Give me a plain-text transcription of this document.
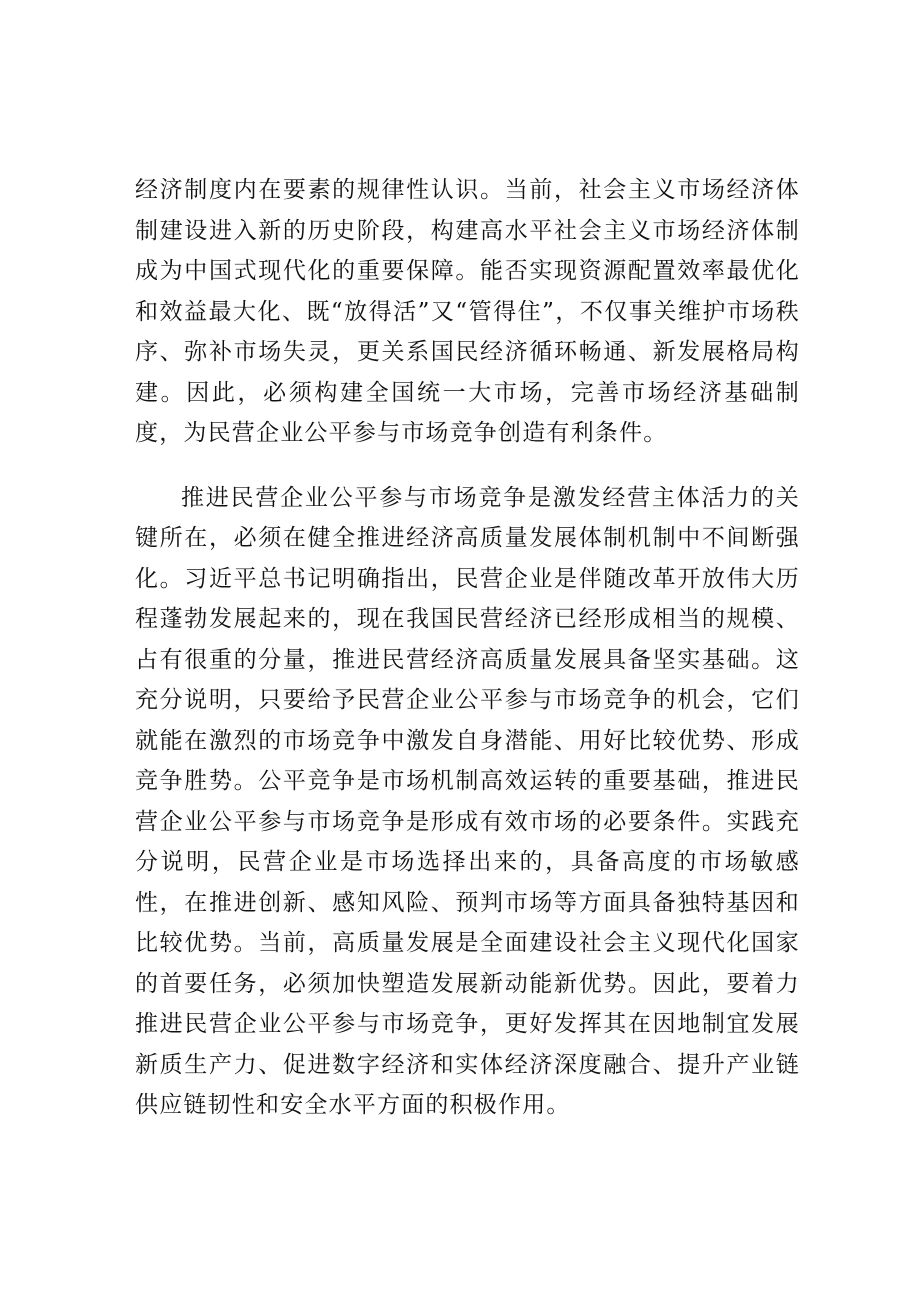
经济制度内在要素的规律性认识。当前，社会主义市场经济体制建设进入新的历史阶段，构建高水平社会主义市场经济体制成为中国式现代化的重要保障。能否实现资源配置效率最优化和效益最大化、既“放得活”又“管得住”，不仅事关维护市场秩序、弥补市场失灵，更关系国民经济循环畅通、新发展格局构建。因此，必须构建全国统一大市场，完善市场经济基础制度，为民营企业公平参与市场竞争创造有利条件。

推进民营企业公平参与市场竞争是激发经营主体活力的关键所在，必须在健全推进经济高质量发展体制机制中不间断强化。习近平总书记明确指出，民营企业是伴随改革开放伟大历程蓬勃发展起来的，现在我国民营经济已经形成相当的规模、占有很重的分量，推进民营经济高质量发展具备坚实基础。这充分说明，只要给予民营企业公平参与市场竞争的机会，它们就能在激烈的市场竞争中激发自身潜能、用好比较优势、形成竞争胜势。公平竞争是市场机制高效运转的重要基础，推进民营企业公平参与市场竞争是形成有效市场的必要条件。实践充分说明，民营企业是市场选择出来的，具备高度的市场敏感性，在推进创新、感知风险、预判市场等方面具备独特基因和比较优势。当前，高质量发展是全面建设社会主义现代化国家的首要任务，必须加快塑造发展新动能新优势。因此，要着力推进民营企业公平参与市场竞争，更好发挥其在因地制宜发展新质生产力、促进数字经济和实体经济深度融合、提升产业链供应链韧性和安全水平方面的积极作用。
